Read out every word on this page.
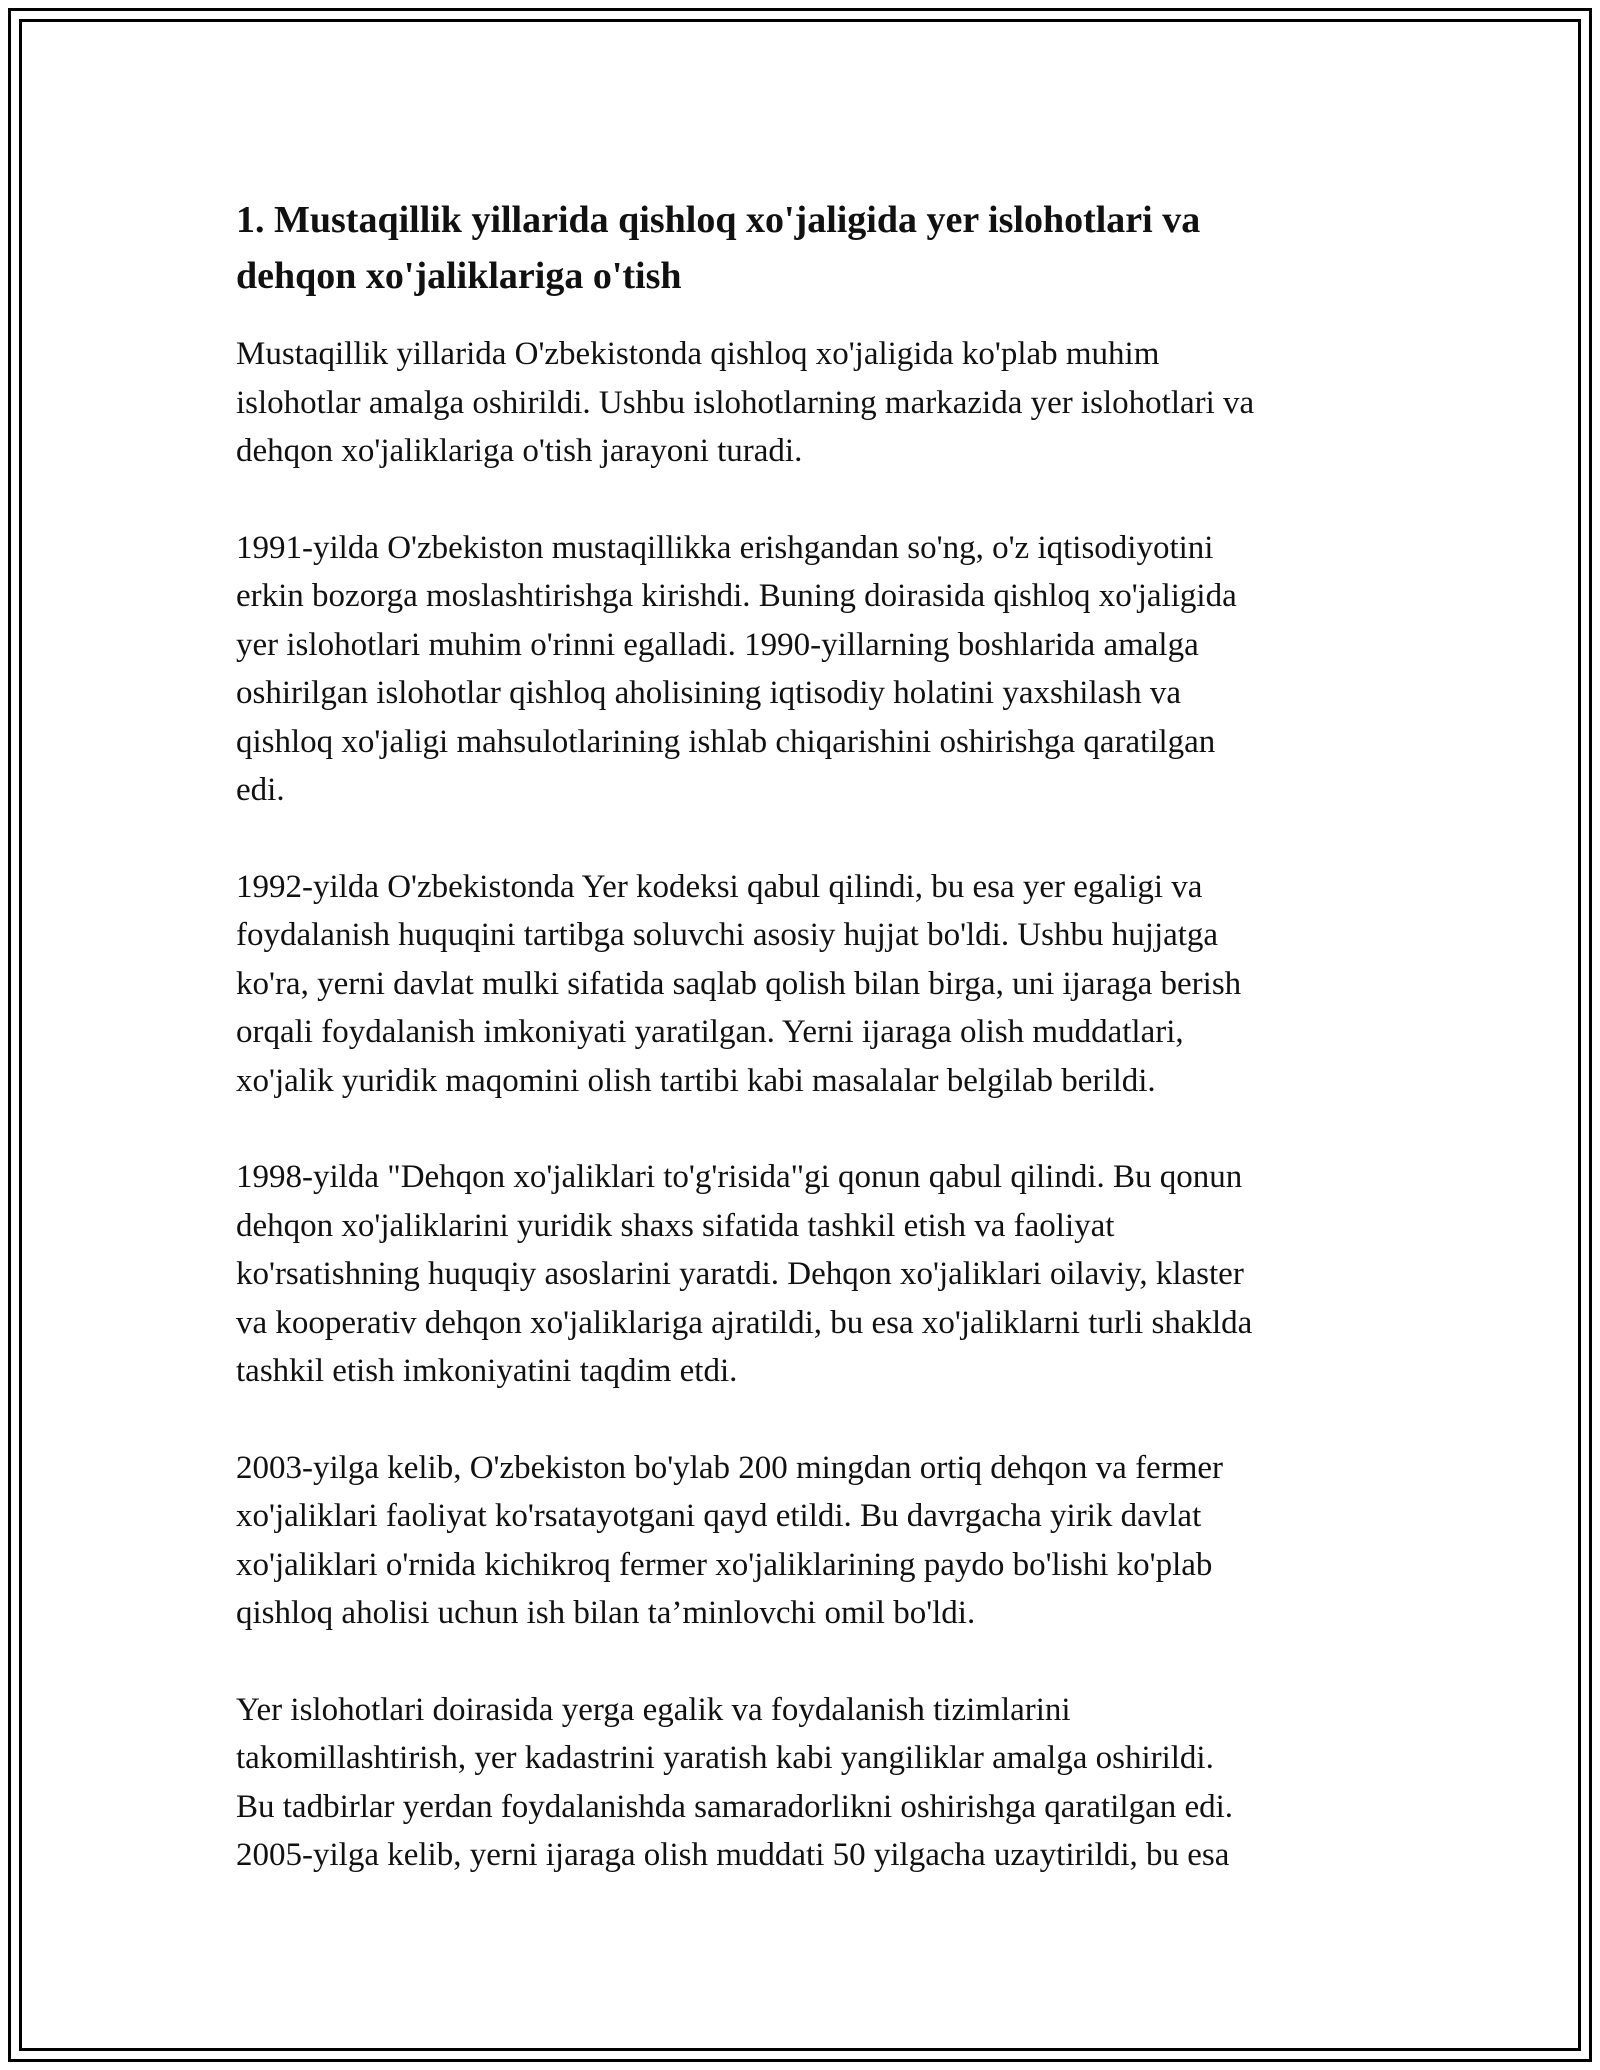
1. Mustaqillik yillarida qishloq xo'jaligida yer islohotlari va
dehqon xo'jaliklariga o'tish

Mustaqillik yillarida O'zbekistonda qishloq xo'jaligida ko'plab muhim
islohotlar amalga oshirildi. Ushbu islohotlarning markazida yer islohotlari va
dehqon xo'jaliklariga o'tish jarayoni turadi.

1991-yilda O'zbekiston mustaqillikka erishgandan so'ng, o'z iqtisodiyotini
erkin bozorga moslashtirishga kirishdi. Buning doirasida qishloq xo'jaligida
yer islohotlari muhim o'rinni egalladi. 1990-yillarning boshlarida amalga
oshirilgan islohotlar qishloq aholisining iqtisodiy holatini yaxshilash va
qishloq xo'jaligi mahsulotlarining ishlab chiqarishini oshirishga qaratilgan
edi.

1992-yilda O'zbekistonda Yer kodeksi qabul qilindi, bu esa yer egaligi va
foydalanish huquqini tartibga soluvchi asosiy hujjat bo'ldi. Ushbu hujjatga
ko'ra, yerni davlat mulki sifatida saqlab qolish bilan birga, uni ijaraga berish
orqali foydalanish imkoniyati yaratilgan. Yerni ijaraga olish muddatlari,
xo'jalik yuridik maqomini olish tartibi kabi masalalar belgilab berildi.

1998-yilda "Dehqon xo'jaliklari to'g'risida"gi qonun qabul qilindi. Bu qonun
dehqon xo'jaliklarini yuridik shaxs sifatida tashkil etish va faoliyat
ko'rsatishning huquqiy asoslarini yaratdi. Dehqon xo'jaliklari oilaviy, klaster
va kooperativ dehqon xo'jaliklariga ajratildi, bu esa xo'jaliklarni turli shaklda
tashkil etish imkoniyatini taqdim etdi.

2003-yilga kelib, O'zbekiston bo'ylab 200 mingdan ortiq dehqon va fermer
xo'jaliklari faoliyat ko'rsatayotgani qayd etildi. Bu davrgacha yirik davlat
xo'jaliklari o'rnida kichikroq fermer xo'jaliklarining paydo bo'lishi ko'plab
qishloq aholisi uchun ish bilan ta’minlovchi omil bo'ldi.

Yer islohotlari doirasida yerga egalik va foydalanish tizimlarini
takomillashtirish, yer kadastrini yaratish kabi yangiliklar amalga oshirildi.
Bu tadbirlar yerdan foydalanishda samaradorlikni oshirishga qaratilgan edi.
2005-yilga kelib, yerni ijaraga olish muddati 50 yilgacha uzaytirildi, bu esa
